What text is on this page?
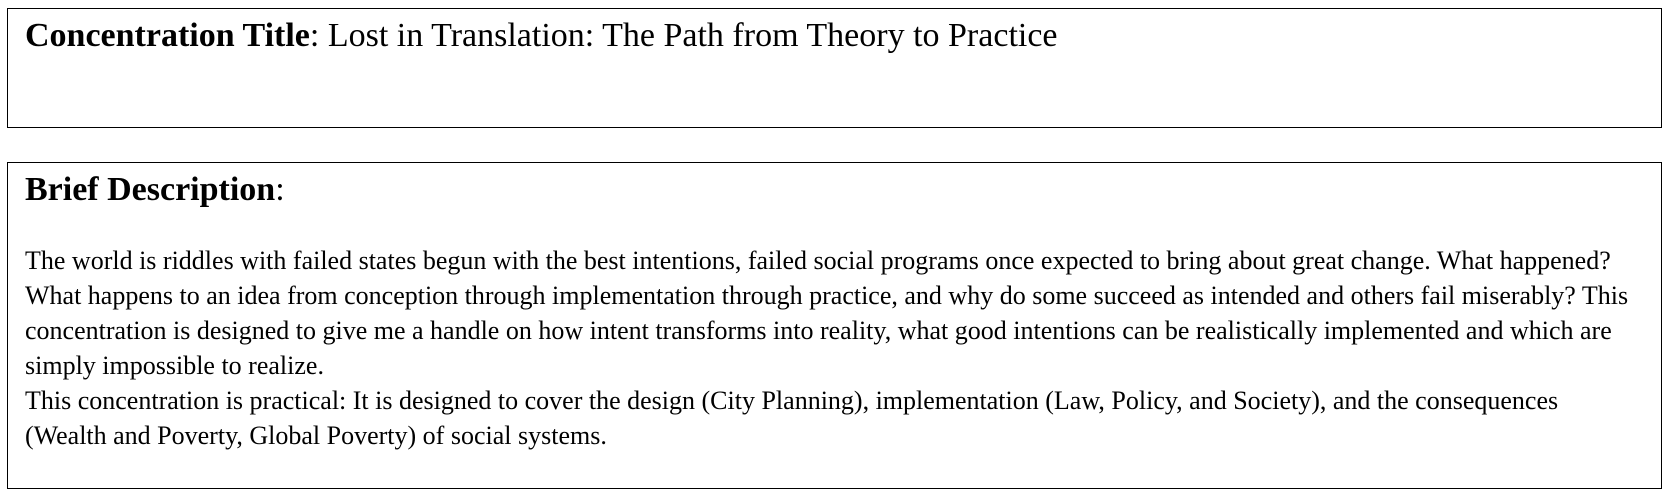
Concentration Title: Lost in Translation: The Path from Theory to Practice
Brief Description:

The world is riddles with failed states begun with the best intentions, failed social programs once expected to bring about great change. What happened? What happens to an idea from conception through implementation through practice, and why do some succeed as intended and others fail miserably? This concentration is designed to give me a handle on how intent transforms into reality, what good intentions can be realistically implemented and which are simply impossible to realize.

This concentration is practical: It is designed to cover the design (City Planning), implementation (Law, Policy, and Society), and the consequences (Wealth and Poverty, Global Poverty) of social systems.
